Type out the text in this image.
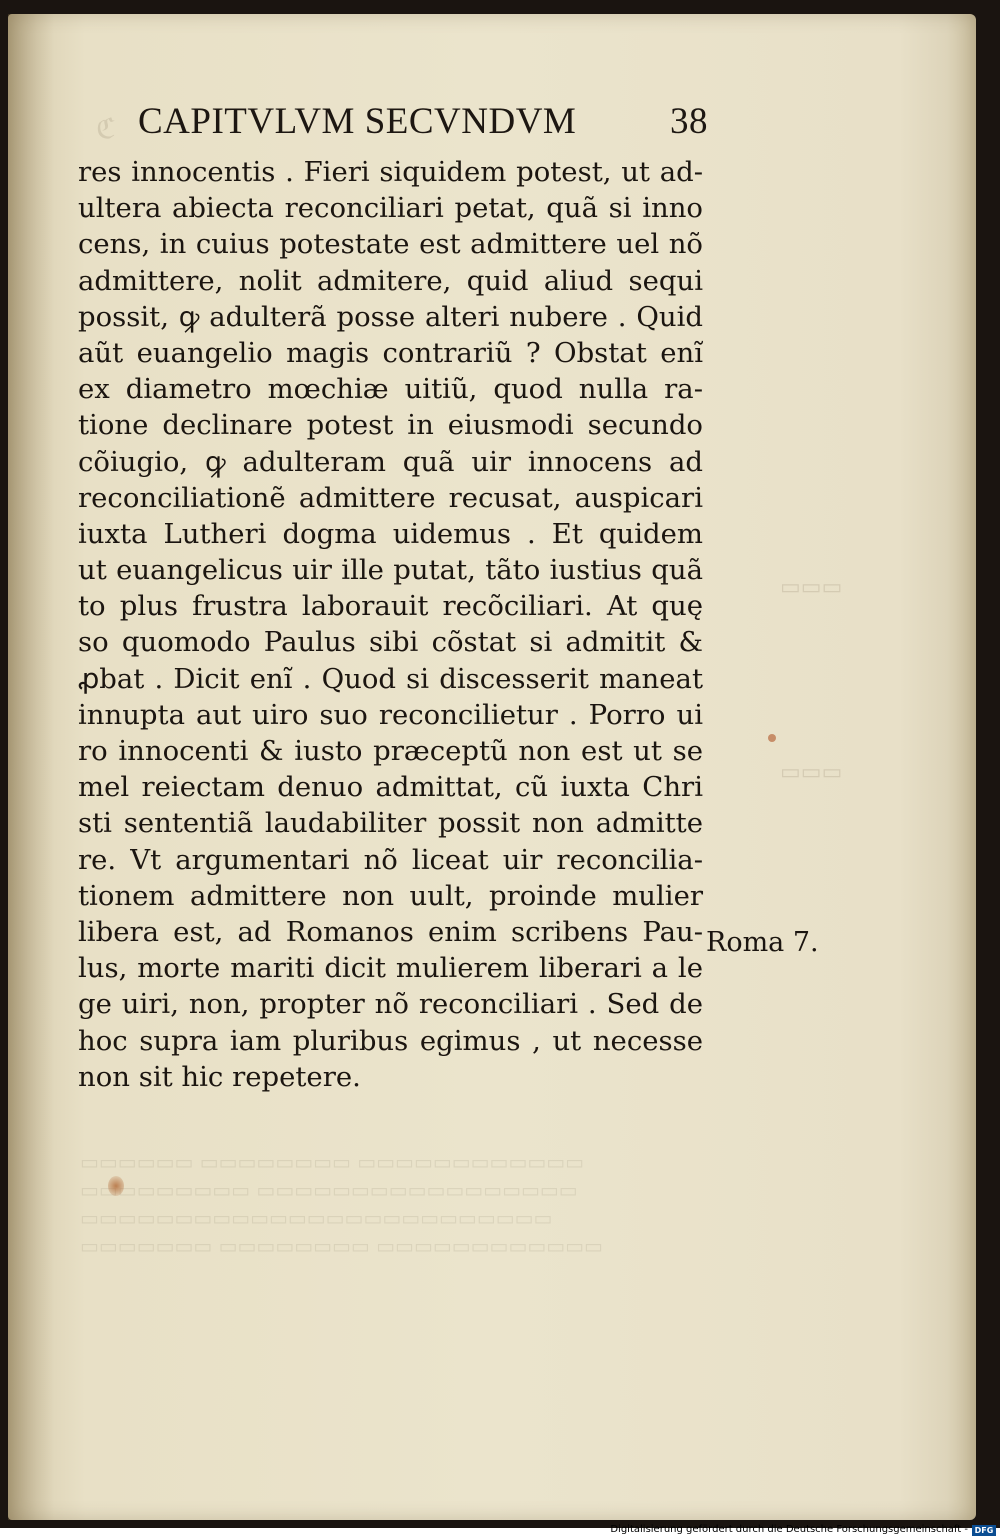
CAPITVLVM SECVNDVM	38
res innocentis . Fieri siquidem potest, ut ad-
ultera abiecta reconciliari petat, quã si inno
cens, in cuius potestate est admittere uel nõ
admittere, nolit admitere, quid aliud sequi
possit, ꝙ adulterã posse alteri nubere . Quid
aũt euangelio magis contrariũ ? Obstat enĩ
ex diametro mœchiæ uitiũ, quod nulla ra-
tione declinare potest in eiusmodi secundo
cõiugio, ꝙ adulteram quã uir innocens ad
reconciliationẽ admittere recusat, auspicari
iuxta Lutheri dogma uidemus . Et quidem
ut euangelicus uir ille putat, tãto iustius quã
to plus frustra laborauit recõciliari. At quę
so quomodo Paulus sibi cõstat si admitit &
ꝓbat . Dicit enĩ . Quod si discesserit maneat
innupta aut uiro suo reconcilietur . Porro ui
ro innocenti & iusto præceptũ non est ut se
mel reiectam denuo admittat, cũ iuxta Chri
sti sententiã laudabiliter possit non admitte
re. Vt argumentari nõ liceat uir reconcilia-
tionem admittere non uult, proinde mulier
libera est, ad Romanos enim scribens Pau-
lus, morte mariti dicit mulierem liberari a le
ge uiri, non, propter nõ reconciliari . Sed de
hoc supra iam pluribus egimus , ut necesse
non sit hic repetere.
Roma 7.
Digitalisierung gefördert durch die Deutsche Forschungsgemeinschaft - DFG
